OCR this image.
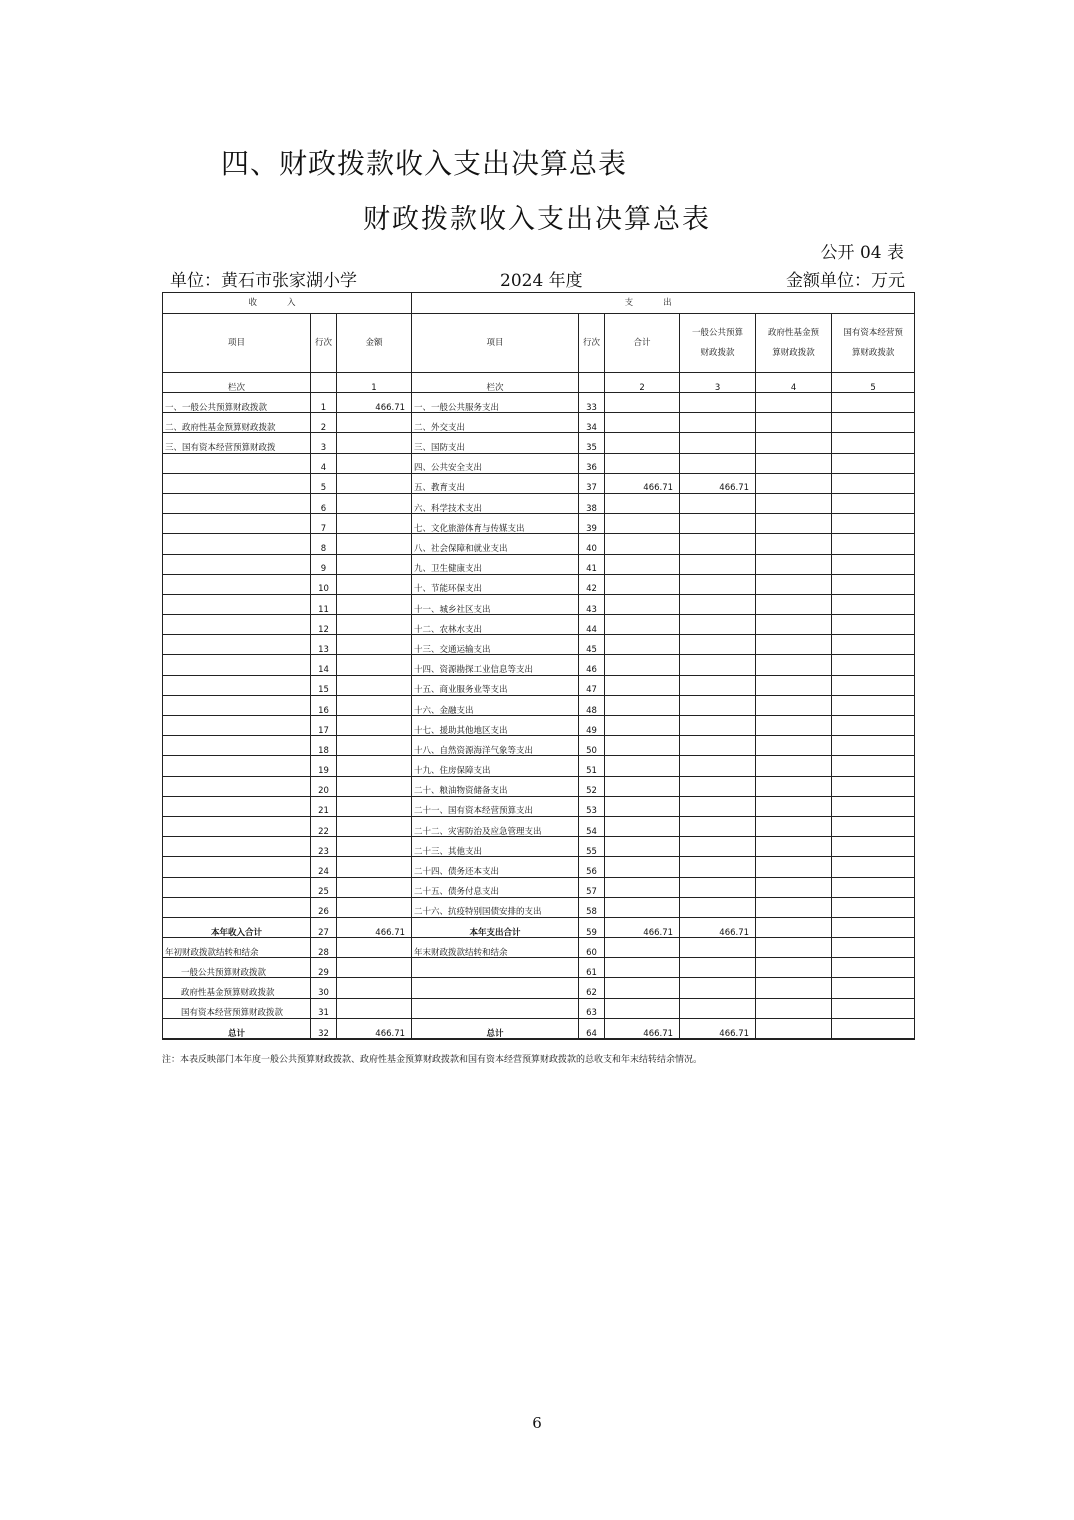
四、财政拨款收入支出决算总表
财政拨款收入支出决算总表
公开 04 表
单位：黄石市张家湖小学	2024 年度	金额单位：万元
收入			支出					
项目	行次	金额	项目	行次	合计	一般公共预算财政拨款	政府性基金预算财政拨款	国有资本经营预算财政拨款
栏次		1	栏次		2	3	4	5
一、一般公共预算财政拨款	1	466.71	一、一般公共服务支出	33				
二、政府性基金预算财政拨款	2		二、外交支出	34				
三、国有资本经营预算财政拨	3		三、国防支出	35				
	4		四、公共安全支出	36				
	5		五、教育支出	37	466.71	466.71		
	6		六、科学技术支出	38				
	7		七、文化旅游体育与传媒支出	39				
	8		八、社会保障和就业支出	40				
	9		九、卫生健康支出	41				
	10		十、节能环保支出	42				
	11		十一、城乡社区支出	43				
	12		十二、农林水支出	44				
	13		十三、交通运输支出	45				
	14		十四、资源勘探工业信息等支出	46				
	15		十五、商业服务业等支出	47				
	16		十六、金融支出	48				
	17		十七、援助其他地区支出	49				
	18		十八、自然资源海洋气象等支出	50				
	19		十九、住房保障支出	51				
	20		二十、粮油物资储备支出	52				
	21		二十一、国有资本经营预算支出	53				
	22		二十二、灾害防治及应急管理支出	54				
	23		二十三、其他支出	55				
	24		二十四、债务还本支出	56				
	25		二十五、债务付息支出	57				
	26		二十六、抗疫特别国债安排的支出	58				
本年收入合计	27	466.71	本年支出合计	59	466.71	466.71		
年初财政拨款结转和结余	28		年末财政拨款结转和结余	60				
一般公共预算财政拨款	29			61				
政府性基金预算财政拨款	30			62				
国有资本经营预算财政拨款	31			63				
总计	32	466.71	总计	64	466.71	466.71		
注：本表反映部门本年度一般公共预算财政拨款、政府性基金预算财政拨款和国有资本经营预算财政拨款的总收支和年末结转结余情况。
6
